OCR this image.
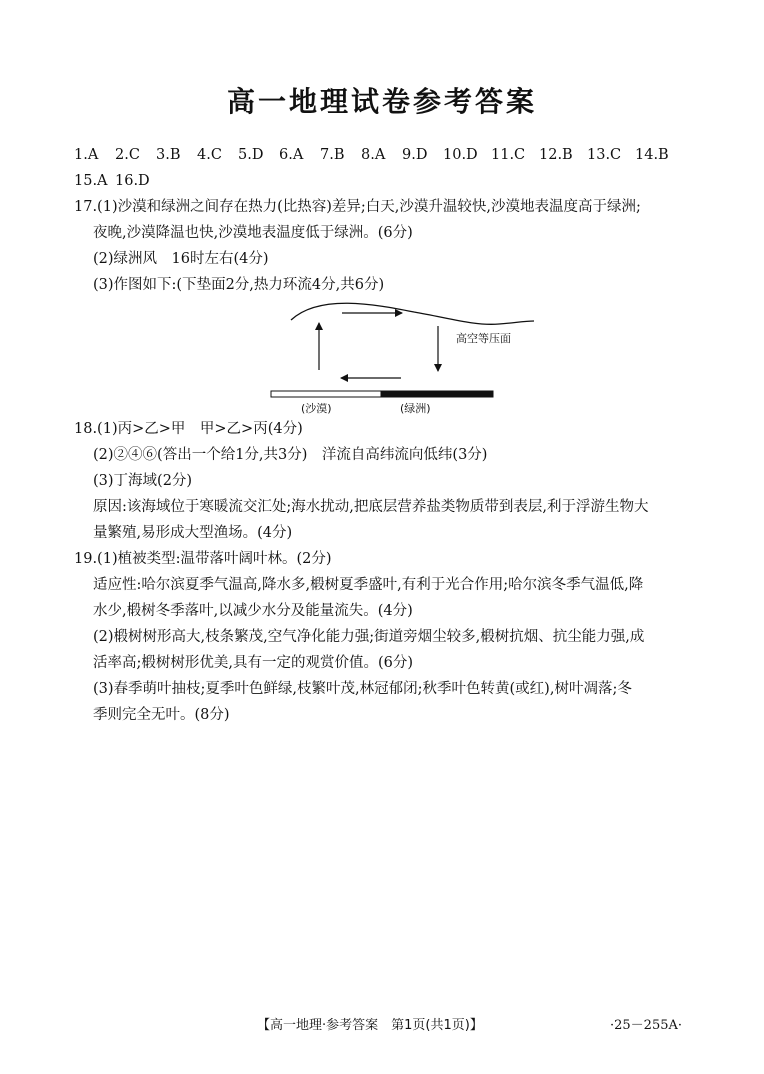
高一地理试卷参考答案
1.A	2.C	3.B	4.C	5.D	6.A	7.B	8.A	9.D	10.D 11.C 12.B 13.C 14.B
15.A 16.D
17.(1)沙漠和绿洲之间存在热力(比热容)差异;白天,沙漠升温较快,沙漠地表温度高于绿洲;
夜晚,沙漠降温也快,沙漠地表温度低于绿洲。(6分)
(2)绿洲风　16时左右(4分)
(3)作图如下:(下垫面2分,热力环流4分,共6分)
高空等压面
(沙漠)	(绿洲)
18.(1)丙>乙>甲　甲>乙>丙(4分)
(2)②④⑥(答出一个给1分,共3分)　洋流自高纬流向低纬(3分)
(3)丁海域(2分)
原因:该海域位于寒暖流交汇处;海水扰动,把底层营养盐类物质带到表层,利于浮游生物大
量繁殖,易形成大型渔场。(4分)
19.(1)植被类型:温带落叶阔叶林。(2分)
适应性:哈尔滨夏季气温高,降水多,椴树夏季盛叶,有利于光合作用;哈尔滨冬季气温低,降
水少,椴树冬季落叶,以减少水分及能量流失。(4分)
(2)椴树树形高大,枝条繁茂,空气净化能力强;街道旁烟尘较多,椴树抗烟、抗尘能力强,成
活率高;椴树树形优美,具有一定的观赏价值。(6分)
(3)春季萌叶抽枝;夏季叶色鲜绿,枝繁叶茂,林冠郁闭;秋季叶色转黄(或红),树叶凋落;冬
季则完全无叶。(8分)
【高一地理·参考答案　第1页(共1页)】	·25－255A·
